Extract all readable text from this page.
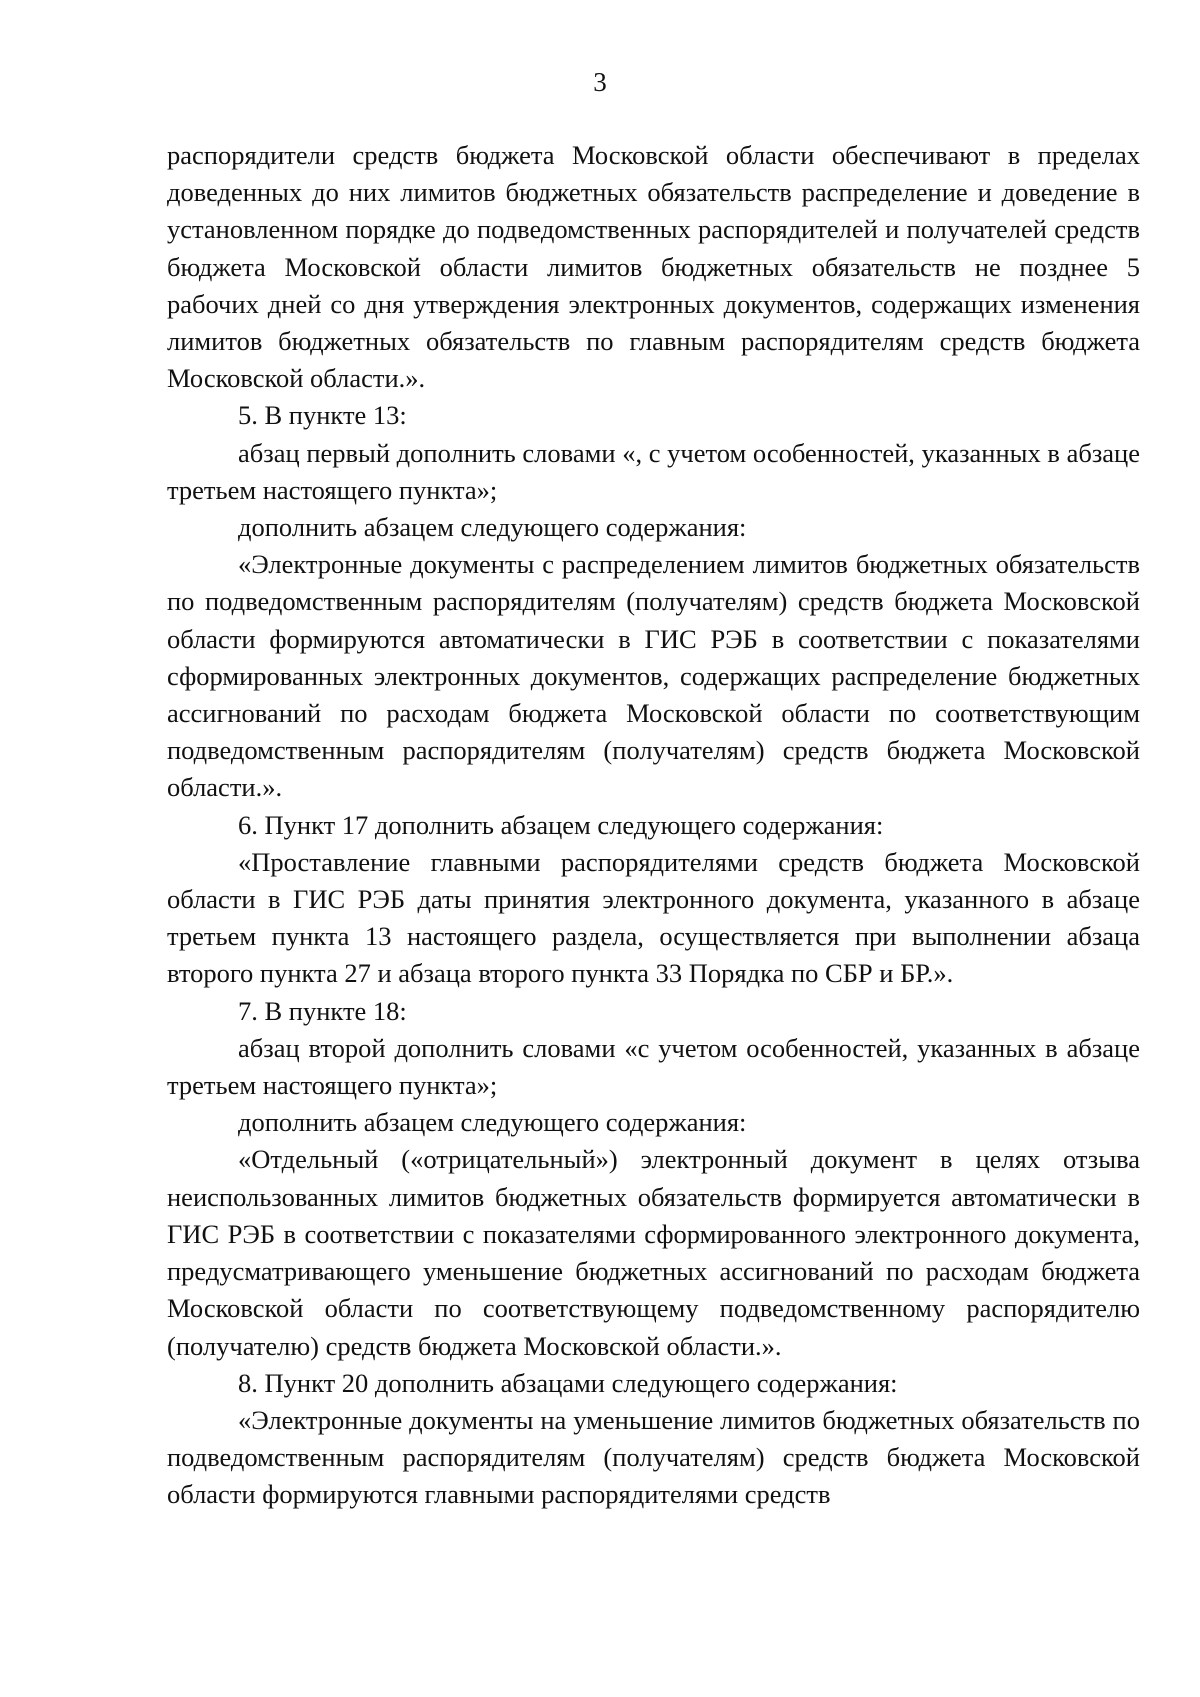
3

распорядители средств бюджета Московской области обеспечивают в пределах доведенных до них лимитов бюджетных обязательств распределение и доведение в установленном порядке до подведомственных распорядителей и получателей средств бюджета Московской области лимитов бюджетных обязательств не позднее 5 рабочих дней со дня утверждения электронных документов, содержащих изменения лимитов бюджетных обязательств по главным распорядителям средств бюджета Московской области.».

5. В пункте 13:

абзац первый дополнить словами «, с учетом особенностей, указанных в абзаце третьем настоящего пункта»;

дополнить абзацем следующего содержания:

«Электронные документы с распределением лимитов бюджетных обязательств по подведомственным распорядителям (получателям) средств бюджета Московской области формируются автоматически в ГИС РЭБ в соответствии с показателями сформированных электронных документов, содержащих распределение бюджетных ассигнований по расходам бюджета Московской области по соответствующим подведомственным распорядителям (получателям) средств бюджета Московской области.».

6. Пункт 17 дополнить абзацем следующего содержания:

«Проставление главными распорядителями средств бюджета Московской области в ГИС РЭБ даты принятия электронного документа, указанного в абзаце третьем пункта 13 настоящего раздела, осуществляется при выполнении абзаца второго пункта 27 и абзаца второго пункта 33 Порядка по СБР и БР.».

7. В пункте 18:

абзац второй дополнить словами «с учетом особенностей, указанных в абзаце третьем настоящего пункта»;

дополнить абзацем следующего содержания:

«Отдельный («отрицательный») электронный документ в целях отзыва неиспользованных лимитов бюджетных обязательств формируется автоматически в ГИС РЭБ в соответствии с показателями сформированного электронного документа, предусматривающего уменьшение бюджетных ассигнований по расходам бюджета Московской области по соответствующему подведомственному распорядителю (получателю) средств бюджета Московской области.».

8. Пункт 20 дополнить абзацами следующего содержания:

«Электронные документы на уменьшение лимитов бюджетных обязательств по подведомственным распорядителям (получателям) средств бюджета Московской области формируются главными распорядителями средств
